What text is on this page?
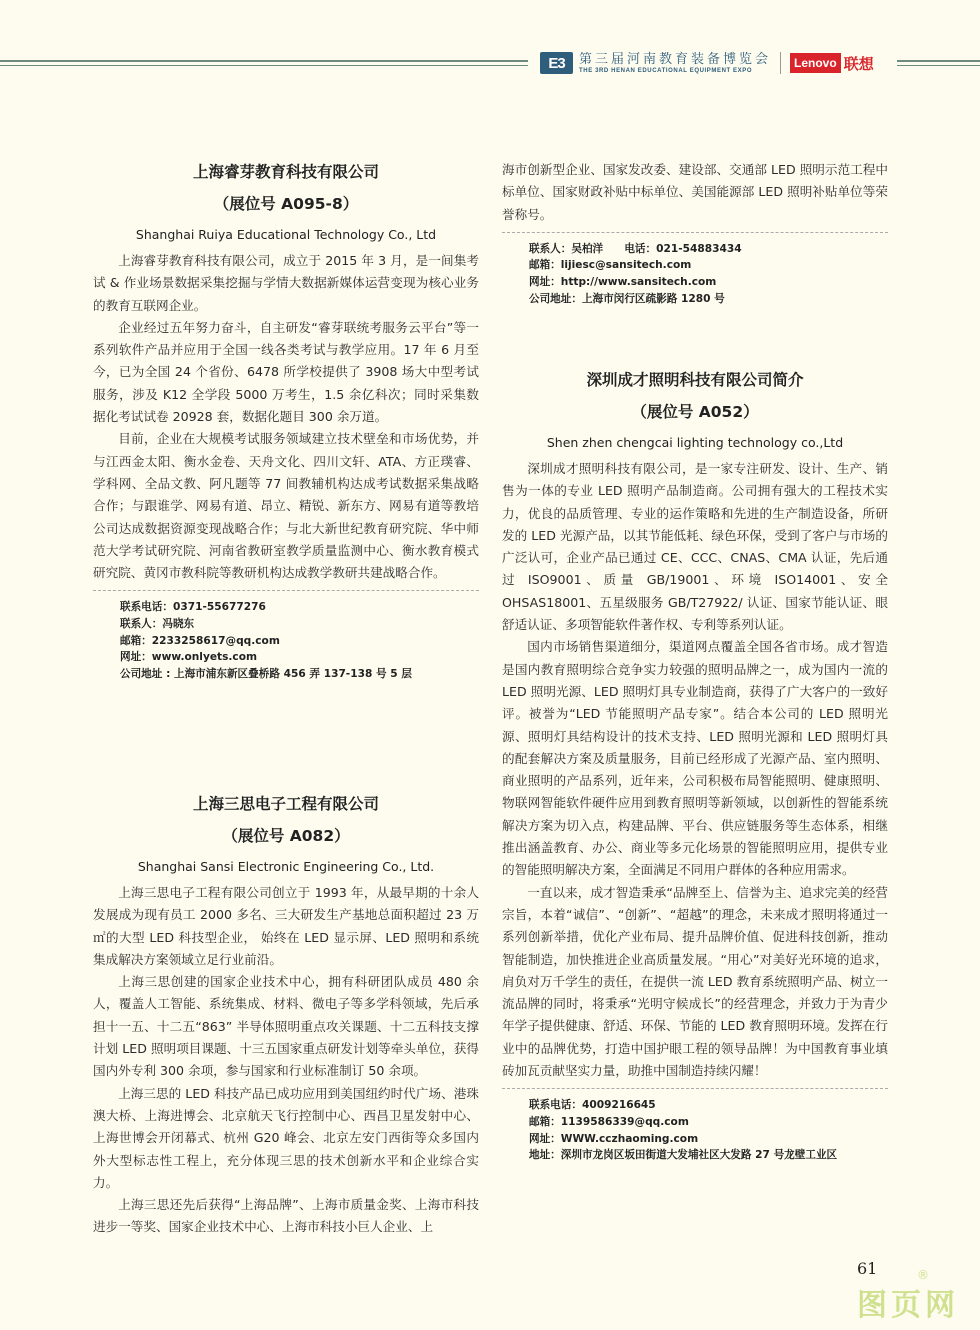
E3	第三届河南教育装备博览会
THE 3RD HENAN EDUCATIONAL EQUIPMENT EXPO
Lenovo 联想
上海睿芽教育科技有限公司
（展位号 A095-8）
Shanghai Ruiya Educational Technology Co., Ltd

上海睿芽教育科技有限公司，成立于 2015 年 3 月，是一间集考试 & 作业场景数据采集挖掘与学情大数据新媒体运营变现为核心业务的教育互联网企业。

企业经过五年努力奋斗，自主研发“睿芽联统考服务云平台”等一系列软件产品并应用于全国一线各类考试与教学应用。17 年 6 月至今，已为全国 24 个省份、6478 所学校提供了 3908 场大中型考试服务，涉及 K12 全学段 5000 万考生，1.5 余亿科次；同时采集数据化考试试卷 20928 套，数据化题目 300 余万道。

目前，企业在大规模考试服务领域建立技术壁垒和市场优势，并与江西金太阳、衡水金卷、天舟文化、四川文轩、ATA、方正璞睿、学科网、全品文教、阿凡题等 77 间教辅机构达成考试数据采集战略合作；与跟谁学、网易有道、昂立、精锐、新东方、网易有道等教培公司达成数据资源变现战略合作；与北大新世纪教育研究院、华中师范大学考试研究院、河南省教研室教学质量监测中心、衡水教育模式研究院、黄冈市教科院等教研机构达成教学教研共建战略合作。

联系电话：0371-55677276
联系人：冯晓东
邮箱：2233258617@qq.com
网址：www.onlyets.com
公司地址 : 上海市浦东新区叠桥路 456 弄 137-138 号 5 层
上海三思电子工程有限公司
（展位号 A082）
Shanghai Sansi Electronic Engineering Co., Ltd.

上海三思电子工程有限公司创立于 1993 年，从最早期的十余人发展成为现有员工 2000 多名、三大研发生产基地总面积超过 23 万㎡的大型 LED 科技型企业， 始终在 LED 显示屏、LED 照明和系统集成解决方案领域立足行业前沿。

上海三思创建的国家企业技术中心，拥有科研团队成员 480 余人，覆盖人工智能、系统集成、材料、微电子等多学科领域，先后承担十一五、十二五“863” 半导体照明重点攻关课题、十二五科技支撑计划 LED 照明项目课题、十三五国家重点研发计划等牵头单位，获得国内外专利 300 余项，参与国家和行业标准制订 50 余项。

上海三思的 LED 科技产品已成功应用到美国纽约时代广场、港珠澳大桥、上海进博会、北京航天飞行控制中心、西昌卫星发射中心、上海世博会开闭幕式、杭州 G20 峰会、北京左安门西街等众多国内外大型标志性工程上，充分体现三思的技术创新水平和企业综合实力。

上海三思还先后获得“上海品牌”、上海市质量金奖、上海市科技进步一等奖、国家企业技术中心、上海市科技小巨人企业、上

海市创新型企业、国家发改委、建设部、交通部 LED 照明示范工程中标单位、国家财政补贴中标单位、美国能源部 LED 照明补贴单位等荣誉称号。

联系人：吴柏洋　　电话：021-54883434
邮箱：lijiesc@sansitech.com
网址：http://www.sansitech.com
公司地址：上海市闵行区疏影路 1280 号
深圳成才照明科技有限公司简介
（展位号 A052）
Shen zhen chengcai lighting technology co.,Ltd

深圳成才照明科技有限公司，是一家专注研发、设计、生产、销售为一体的专业 LED 照明产品制造商。公司拥有强大的工程技术实力，优良的品质管理、专业的运作策略和先进的生产制造设备，所研发的 LED 光源产品，以其节能低耗、绿色环保，受到了客户与市场的广泛认可，企业产品已通过 CE、CCC、CNAS、CMA 认证，先后通过 ISO9001、质量 GB/19001、环境 ISO14001、安全 OHSAS18001、五星级服务 GB/T27922/ 认证、国家节能认证、眼舒适认证、多项智能软件著作权、专利等系列认证。

国内市场销售渠道细分，渠道网点覆盖全国各省市场。成才智造是国内教育照明综合竞争实力较强的照明品牌之一，成为国内一流的 LED 照明光源、LED 照明灯具专业制造商，获得了广大客户的一致好评。被誉为“LED 节能照明产品专家”。结合本公司的 LED 照明光源、照明灯具结构设计的技术支持、LED 照明光源和 LED 照明灯具的配套解决方案及质量服务，目前已经形成了光源产品、室内照明、商业照明的产品系列，近年来，公司积极布局智能照明、健康照明、物联网智能软件硬件应用到教育照明等新领域，以创新性的智能系统解决方案为切入点，构建品牌、平台、供应链服务等生态体系，相继推出涵盖教育、办公、商业等多元化场景的智能照明应用，提供专业的智能照明解决方案，全面满足不同用户群体的各种应用需求。

一直以来，成才智造秉承“品牌至上、信誉为主、追求完美的经营宗旨，本着“诚信”、“创新”、“超越”的理念，未来成才照明将通过一系列创新举措，优化产业布局、提升品牌价值、促进科技创新，推动智能制造，加快推进企业高质量发展。“用心”对美好光环境的追求，肩负对万千学生的责任，在提供一流 LED 教育系统照明产品、树立一流品牌的同时，将秉承“光明守候成长”的经营理念，并致力于为青少年学子提供健康、舒适、环保、节能的 LED 教育照明环境。发挥在行业中的品牌优势，打造中国护眼工程的领导品牌！为中国教育事业填砖加瓦贡献坚实力量，助推中国制造持续闪耀！

联系电话：4009216645
邮箱：1139586339@qq.com
网址：WWW.cczhaoming.com
地址：深圳市龙岗区坂田街道大发埔社区大发路 27 号龙壁工业区
61
图页网
®
